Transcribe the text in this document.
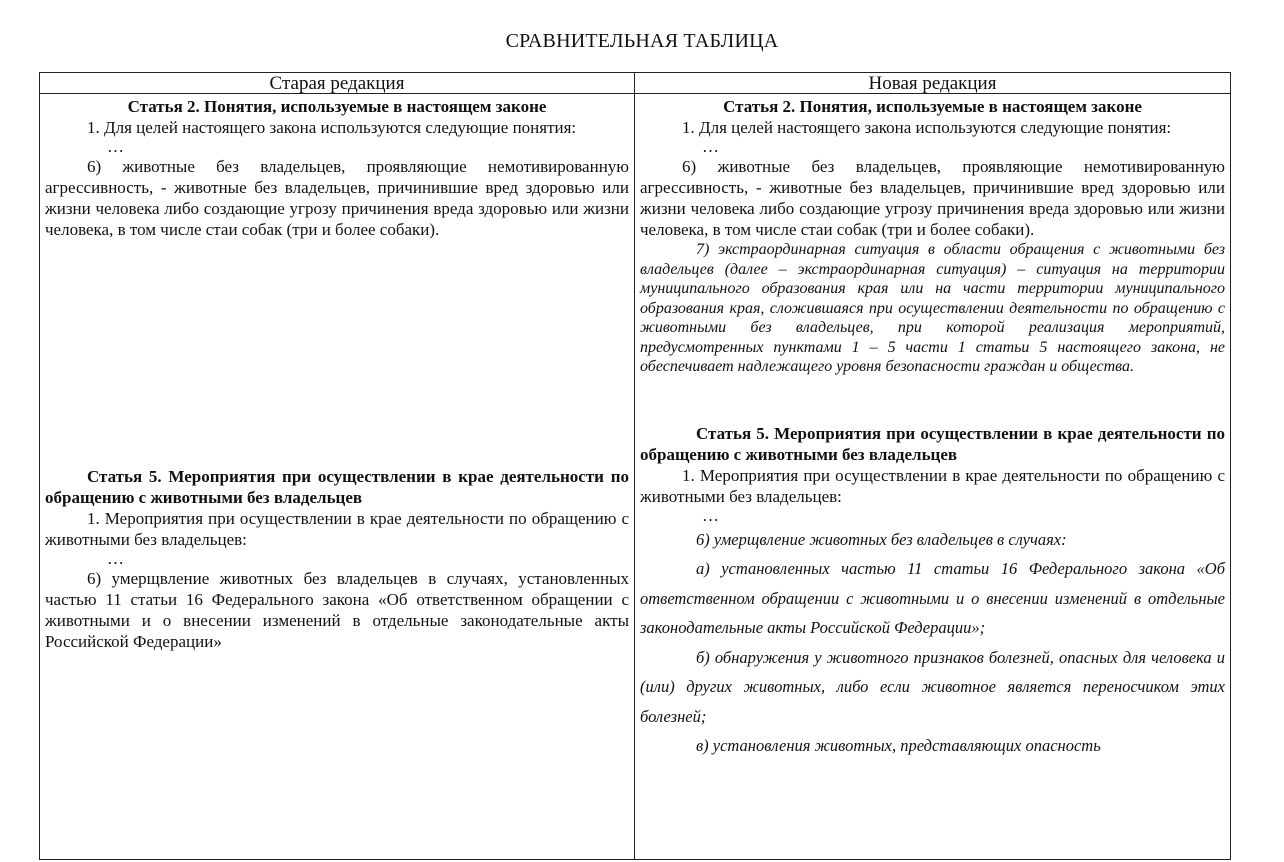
СРАВНИТЕЛЬНАЯ ТАБЛИЦА
Старая редакция
Статья 2. Понятия, используемые в настоящем законе
1. Для целей настоящего закона используются следующие понятия:
…
6) животные без владельцев, проявляющие немотивированную агрессивность, - животные без владельцев, причинившие вред здоровью или жизни человека либо создающие угрозу причинения вреда здоровью или жизни человека, в том числе стаи собак (три и более собаки).
Статья 5. Мероприятия при осуществлении в крае деятельности по обращению с животными без владельцев
1. Мероприятия при осуществлении в крае деятельности по обращению с животными без владельцев:
…
6) умерщвление животных без владельцев в случаях, установленных частью 11 статьи 16 Федерального закона «Об ответственном обращении с животными и о внесении изменений в отдельные законодательные акты Российской Федерации»
Новая редакция
Статья 2. Понятия, используемые в настоящем законе
1. Для целей настоящего закона используются следующие понятия:
…
6) животные без владельцев, проявляющие немотивированную агрессивность, - животные без владельцев, причинившие вред здоровью или жизни человека либо создающие угрозу причинения вреда здоровью или жизни человека, в том числе стаи собак (три и более собаки).
7) экстраординарная ситуация в области обращения с животными без владельцев (далее – экстраординарная ситуация) – ситуация на территории муниципального образования края или на части территории муниципального образования края, сложившаяся при осуществлении деятельности по обращению с животными без владельцев, при которой реализация мероприятий, предусмотренных пунктами 1 – 5 части 1 статьи 5 настоящего закона, не обеспечивает надлежащего уровня безопасности граждан и общества.
Статья 5. Мероприятия при осуществлении в крае деятельности по обращению с животными без владельцев
1. Мероприятия при осуществлении в крае деятельности по обращению с животными без владельцев:
…
6) умерщвление животных без владельцев в случаях:
а) установленных частью 11 статьи 16 Федерального закона «Об ответственном обращении с животными и о внесении изменений в отдельные законодательные акты Российской Федерации»;
б) обнаружения у животного признаков болезней, опасных для человека и (или) других животных, либо если животное является переносчиком этих болезней;
в) установления животных, представляющих опасность
